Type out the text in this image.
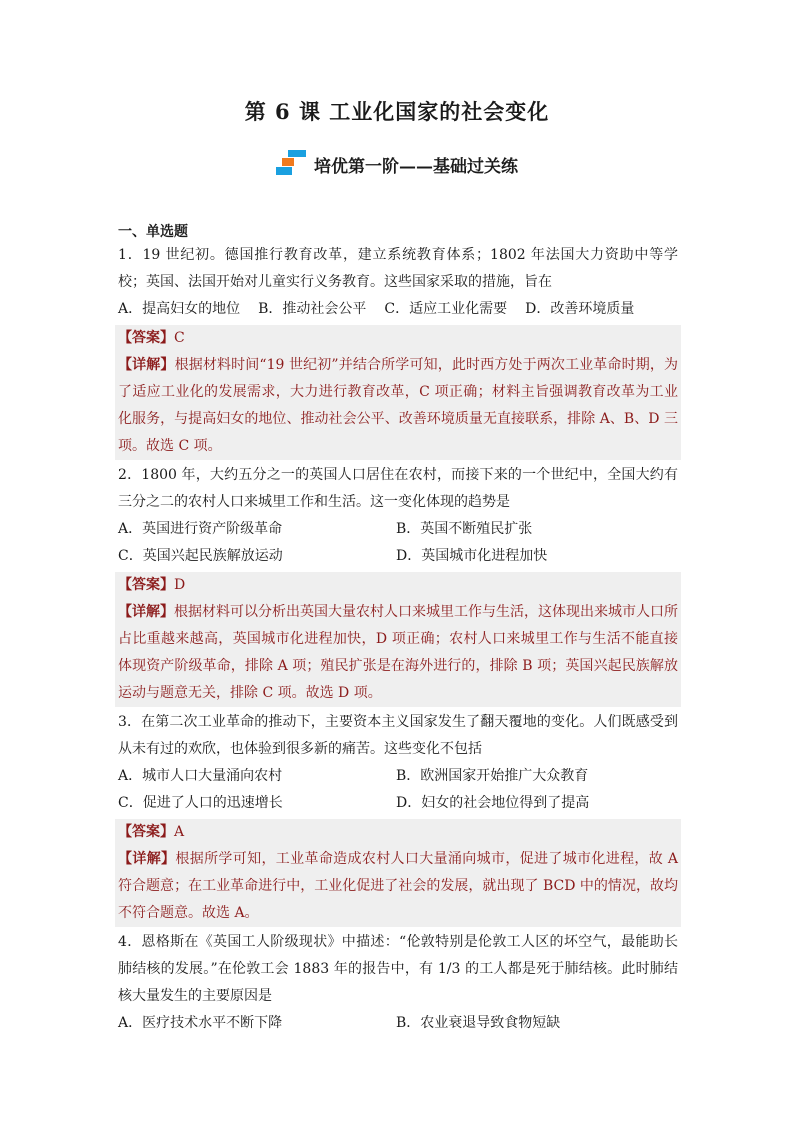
第 6 课 工业化国家的社会变化
培优第一阶——基础过关练
一、单选题

1．19 世纪初。德国推行教育改革，建立系统教育体系；1802 年法国大力资助中等学校；英国、法国开始对儿童实行义务教育。这些国家采取的措施，旨在

A．提高妇女的地位 B．推动社会公平 C．适应工业化需要 D．改善环境质量

【答案】C

【详解】根据材料时间“19 世纪初”并结合所学可知，此时西方处于两次工业革命时期，为了适应工业化的发展需求，大力进行教育改革，C 项正确；材料主旨强调教育改革为工业化服务，与提高妇女的地位、推动社会公平、改善环境质量无直接联系，排除 A、B、D 三项。故选 C 项。

2．1800 年，大约五分之一的英国人口居住在农村，而接下来的一个世纪中，全国大约有三分之二的农村人口来城里工作和生活。这一变化体现的趋势是

A．英国进行资产阶级革命	B．英国不断殖民扩张
C．英国兴起民族解放运动	D．英国城市化进程加快

【答案】D

【详解】根据材料可以分析出英国大量农村人口来城里工作与生活，这体现出来城市人口所占比重越来越高，英国城市化进程加快，D 项正确；农村人口来城里工作与生活不能直接体现资产阶级革命，排除 A 项；殖民扩张是在海外进行的，排除 B 项；英国兴起民族解放运动与题意无关，排除 C 项。故选 D 项。

3．在第二次工业革命的推动下，主要资本主义国家发生了翻天覆地的变化。人们既感受到从未有过的欢欣，也体验到很多新的痛苦。这些变化不包括

A．城市人口大量涌向农村	B．欧洲国家开始推广大众教育
C．促进了人口的迅速增长	D．妇女的社会地位得到了提高

【答案】A

【详解】根据所学可知，工业革命造成农村人口大量涌向城市，促进了城市化进程，故 A 符合题意；在工业革命进行中，工业化促进了社会的发展，就出现了 BCD 中的情况，故均不符合题意。故选 A。

4．恩格斯在《英国工人阶级现状》中描述：“伦敦特别是伦敦工人区的坏空气，最能助长肺结核的发展。”在伦敦工会 1883 年的报告中，有 1/3 的工人都是死于肺结核。此时肺结核大量发生的主要原因是

A．医疗技术水平不断下降	B．农业衰退导致食物短缺
